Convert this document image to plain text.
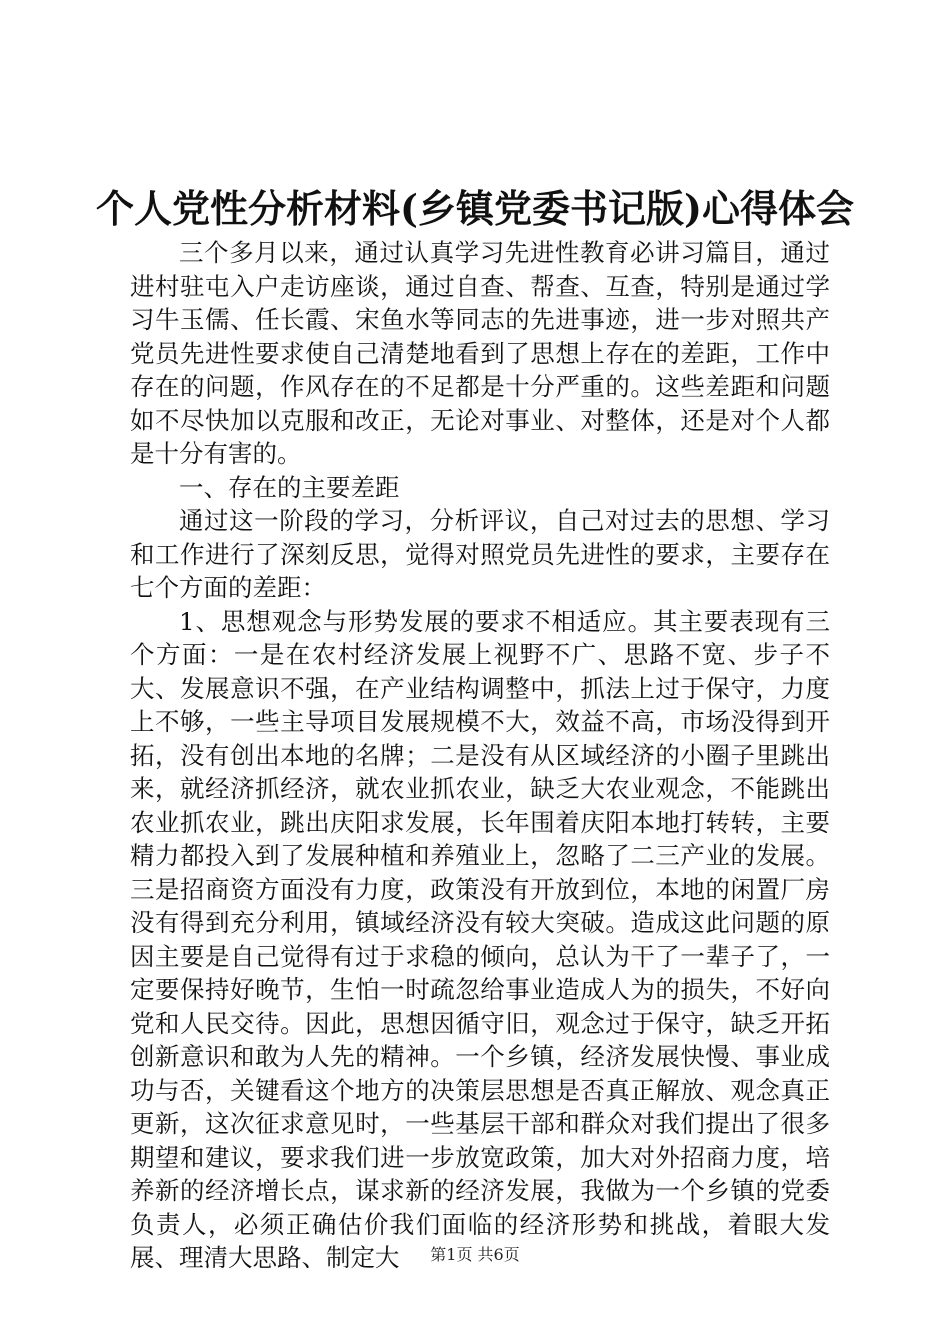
个人党性分析材料(乡镇党委书记版)心得体会

三个多月以来，通过认真学习先进性教育必讲习篇目，通过进村驻屯入户走访座谈，通过自查、帮查、互查，特别是通过学习牛玉儒、任长霞、宋鱼水等同志的先进事迹，进一步对照共产党员先进性要求使自己清楚地看到了思想上存在的差距，工作中存在的问题，作风存在的不足都是十分严重的。这些差距和问题如不尽快加以克服和改正，无论对事业、对整体，还是对个人都是十分有害的。

一、存在的主要差距

通过这一阶段的学习，分析评议，自己对过去的思想、学习和工作进行了深刻反思，觉得对照党员先进性的要求，主要存在七个方面的差距：

1、思想观念与形势发展的要求不相适应。其主要表现有三个方面：一是在农村经济发展上视野不广、思路不宽、步子不大、发展意识不强，在产业结构调整中，抓法上过于保守，力度上不够，一些主导项目发展规模不大，效益不高，市场没得到开拓，没有创出本地的名牌；二是没有从区域经济的小圈子里跳出来，就经济抓经济，就农业抓农业，缺乏大农业观念，不能跳出农业抓农业，跳出庆阳求发展，长年围着庆阳本地打转转，主要精力都投入到了发展种植和养殖业上，忽略了二三产业的发展。三是招商资方面没有力度，政策没有开放到位，本地的闲置厂房没有得到充分利用，镇域经济没有较大突破。造成这此问题的原因主要是自己觉得有过于求稳的倾向，总认为干了一辈子了，一定要保持好晚节，生怕一时疏忽给事业造成人为的损失，不好向党和人民交待。因此，思想因循守旧，观念过于保守，缺乏开拓创新意识和敢为人先的精神。一个乡镇，经济发展快慢、事业成功与否，关键看这个地方的决策层思想是否真正解放、观念真正更新，这次征求意见时，一些基层干部和群众对我们提出了很多期望和建议，要求我们进一步放宽政策，加大对外招商力度，培养新的经济增长点，谋求新的经济发展，我做为一个乡镇的党委负责人，必须正确估价我们面临的经济形势和挑战，着眼大发展、理清大思路、制定大	第1页 共6页
